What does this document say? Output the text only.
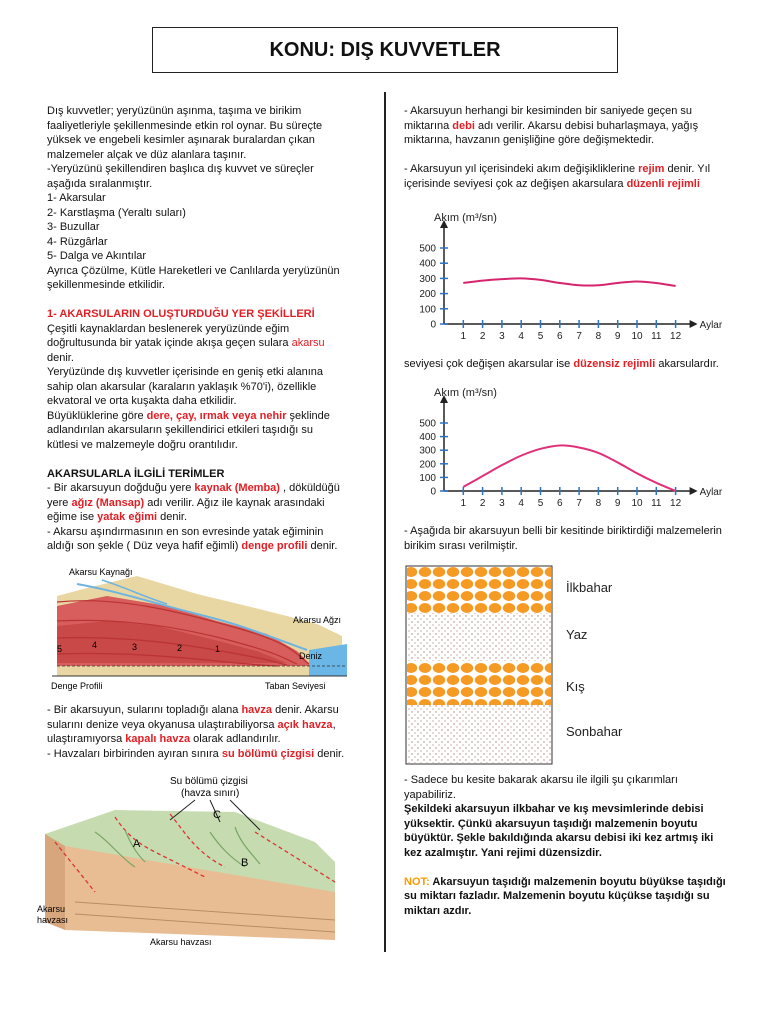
KONU: DIŞ KUVVETLER

Dış kuvvetler; yeryüzünün aşınma, taşıma ve birikim faaliyetleriyle şekillenmesinde etkin rol oynar. Bu süreçte yüksek ve engebeli kesimler aşınarak buralardan çıkan malzemeler alçak ve düz alanlara taşınır.

-Yeryüzünü şekillendiren başlıca dış kuvvet ve süreçler aşağıda sıralanmıştır.

1- Akarsular

2- Karstlaşma (Yeraltı suları)

3- Buzullar

4- Rüzgârlar

5- Dalga ve Akıntılar

Ayrıca Çözülme, Kütle Hareketleri ve Canlılarda yeryüzünün şekillenmesinde etkilidir.

1- AKARSULARIN OLUŞTURDUĞU YER ŞEKİLLERİ

Çeşitli kaynaklardan beslenerek yeryüzünde eğim doğrultusunda bir yatak içinde akışa geçen sulara akarsu denir.

Yeryüzünde dış kuvvetler içerisinde en geniş etki alanına sahip olan akarsular (karaların yaklaşık %70'i), özellikle ekvatoral ve orta kuşakta daha etkilidir.

Büyüklüklerine göre dere, çay, ırmak veya nehir şeklinde adlandırılan akarsuların şekillendirici etkileri taşıdığı su kütlesi ve malzemeyle doğru orantılıdır.

AKARSULARLA İLGİLİ TERİMLER

- Bir akarsuyun doğduğu yere kaynak (Memba) , döküldüğü yere ağız (Mansap) adı verilir. Ağız ile kaynak arasındaki eğime ise yatak eğimi denir.

- Akarsu aşındırmasının en son evresinde yatak eğiminin aldığı son şekle ( Düz veya hafif eğimli) denge profili denir.

Akarsu Kaynağı
Akarsu Ağzı
Deniz
Denge Profili	Taban Seviyesi
5	4	3	2	1

- Bir akarsuyun, sularını topladığı alana havza denir. Akarsu sularını denize veya okyanusa ulaştırabiliyorsa açık havza, ulaştıramıyorsa kapalı havza olarak adlandırılır.

- Havzaları birbirinden ayıran sınıra su bölümü çizgisi denir.

Su bölümü çizgisi
(havza sınırı)
C
A
B
Akarsu
havzası
Akarsu havzası

- Akarsuyun herhangi bir kesiminden bir saniyede geçen su miktarına debi adı verilir. Akarsu debisi buharlaşmaya, yağış miktarına, havzanın genişliğine göre değişmektedir.

- Akarsuyun yıl içerisindeki akım değişikliklerine rejim denir. Yıl içerisinde seviyesi çok az değişen akarsulara düzenli rejimli

Akım (m³/sn)
Aylar
0
100
200
300
400
500
1 2 3 4 5 6 7 8 9 10 11 12

seviyesi çok değişen akarsular ise düzensiz rejimli akarsulardır.

Akım (m³/sn)
Aylar
0
100
200
300
400
500
1 2 3 4 5 6 7 8 9 10 11 12

- Aşağıda bir akarsuyun belli bir kesitinde biriktirdiği malzemelerin birikim sırası verilmiştir.

İlkbahar
Yaz
Kış
Sonbahar

- Sadece bu kesite bakarak akarsu ile ilgili şu çıkarımları yapabiliriz.

Şekildeki akarsuyun ilkbahar ve kış mevsimlerinde debisi yüksektir. Çünkü akarsuyun taşıdığı malzemenin boyutu büyüktür. Şekle bakıldığında akarsu debisi iki kez artmış iki kez azalmıştır. Yani rejimi düzensizdir.

NOT: Akarsuyun taşıdığı malzemenin boyutu büyükse taşıdığı su miktarı fazladır. Malzemenin boyutu küçükse taşıdığı su miktarı azdır.
